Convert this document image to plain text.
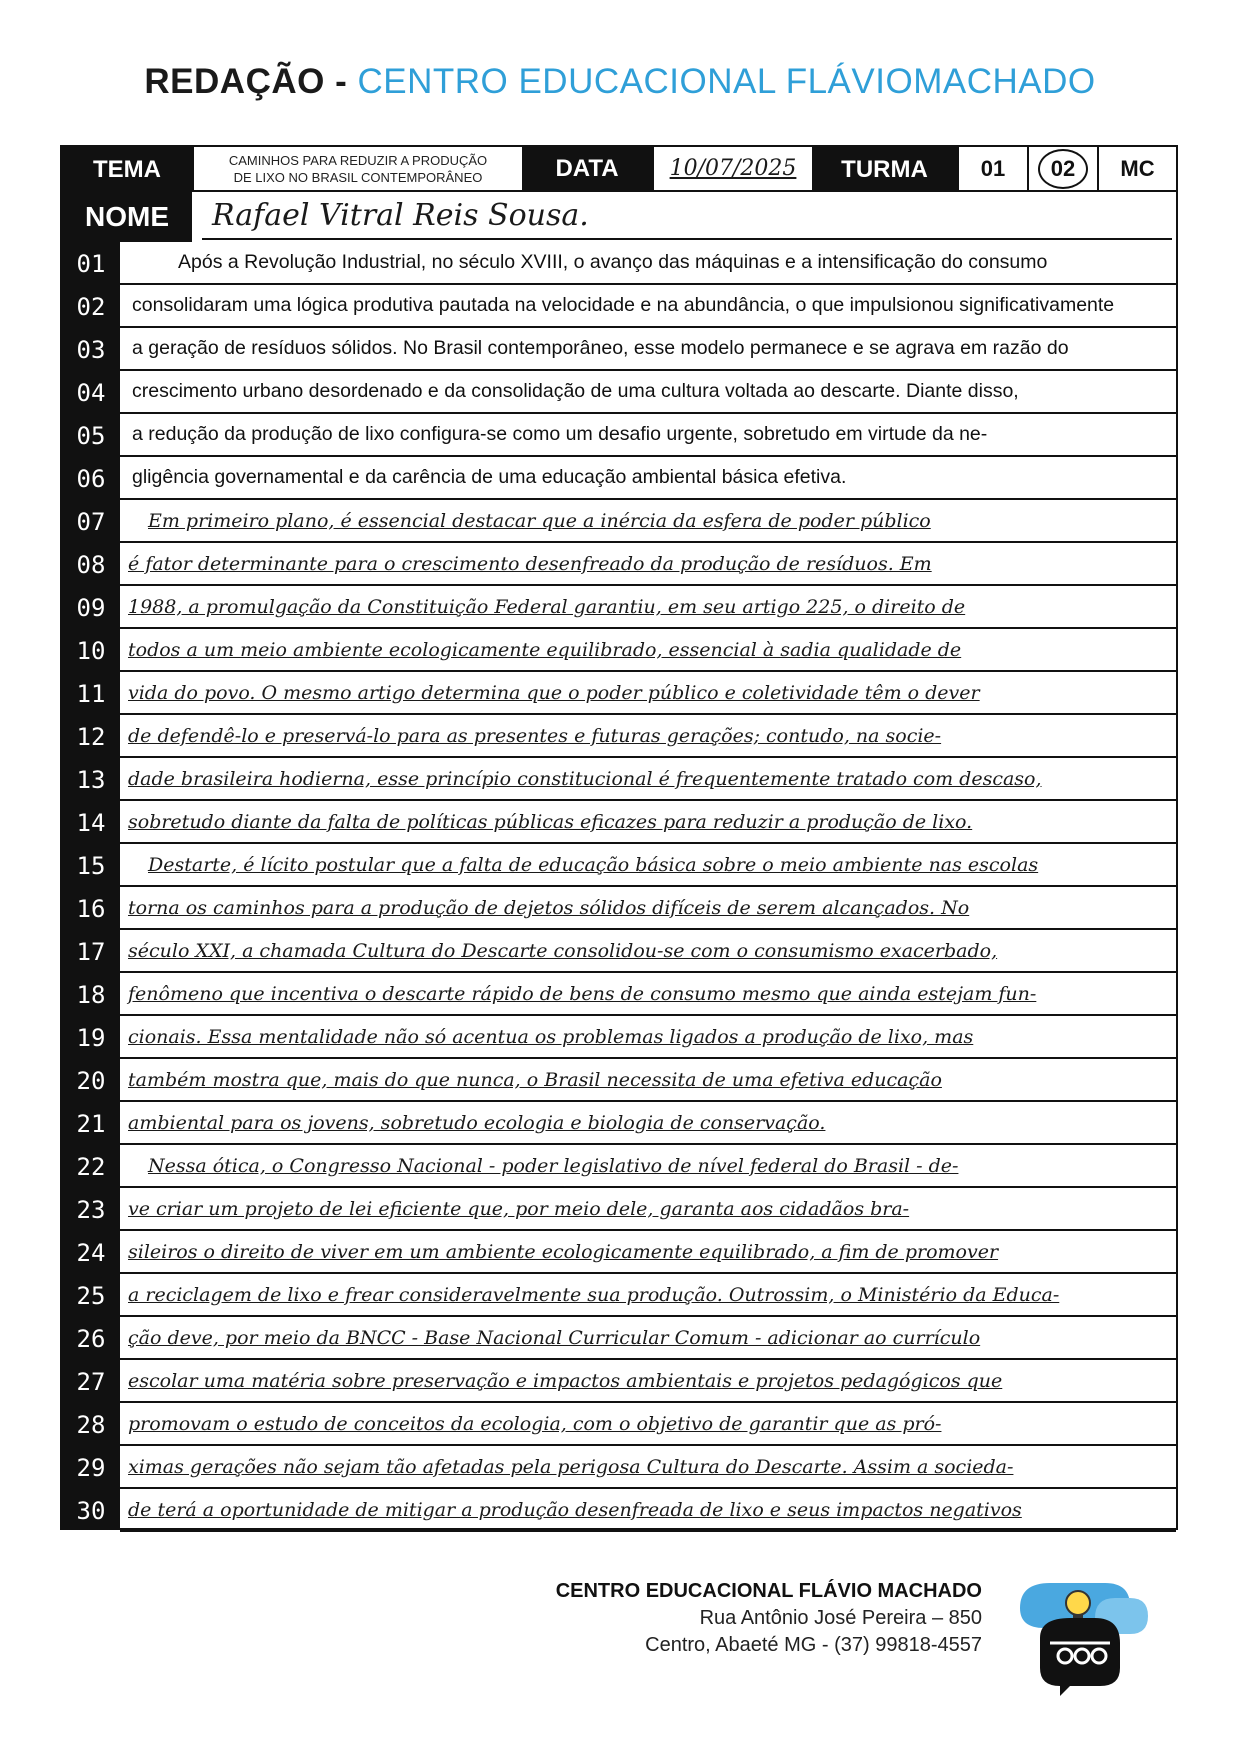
REDAÇÃO - CENTRO EDUCACIONAL FLÁVIOMACHADO
TEMA	CAMINHOS PARA REDUZIR A PRODUÇÃO
DE LIXO NO BRASIL CONTEMPORÂNEO	DATA	10/07/2025	TURMA	01 02 MC
NOME	Rafael Vitral Reis Sousa.
01	Após a Revolução Industrial, no século XVIII, o avanço das máquinas e a intensificação do consumo
02	consolidaram uma lógica produtiva pautada na velocidade e na abundância, o que impulsionou significativamente
03	a geração de resíduos sólidos. No Brasil contemporâneo, esse modelo permanece e se agrava em razão do
04	crescimento urbano desordenado e da consolidação de uma cultura voltada ao descarte. Diante disso,
05	a redução da produção de lixo configura-se como um desafio urgente, sobretudo em virtude da ne-
06	gligência governamental e da carência de uma educação ambiental básica efetiva.
07	Em primeiro plano, é essencial destacar que a inércia da esfera de poder público
08	é fator determinante para o crescimento desenfreado da produção de resíduos. Em
09	1988, a promulgação da Constituição Federal garantiu, em seu artigo 225, o direito de
10	todos a um meio ambiente ecologicamente equilibrado, essencial à sadia qualidade de
11	vida do povo. O mesmo artigo determina que o poder público e coletividade têm o dever
12	de defendê-lo e preservá-lo para as presentes e futuras gerações; contudo, na socie-
13	dade brasileira hodierna, esse princípio constitucional é frequentemente tratado com descaso,
14	sobretudo diante da falta de políticas públicas eficazes para reduzir a produção de lixo.
15	Destarte, é lícito postular que a falta de educação básica sobre o meio ambiente nas escolas
16	torna os caminhos para a produção de dejetos sólidos difíceis de serem alcançados. No
17	século XXI, a chamada Cultura do Descarte consolidou-se com o consumismo exacerbado,
18	fenômeno que incentiva o descarte rápido de bens de consumo mesmo que ainda estejam fun-
19	cionais. Essa mentalidade não só acentua os problemas ligados a produção de lixo, mas
20	também mostra que, mais do que nunca, o Brasil necessita de uma efetiva educação
21	ambiental para os jovens, sobretudo ecologia e biologia de conservação.
22	Nessa ótica, o Congresso Nacional - poder legislativo de nível federal do Brasil - de-
23	ve criar um projeto de lei eficiente que, por meio dele, garanta aos cidadãos bra-
24	sileiros o direito de viver em um ambiente ecologicamente equilibrado, a fim de promover
25	a reciclagem de lixo e frear consideravelmente sua produção. Outrossim, o Ministério da Educa-
26	ção deve, por meio da BNCC - Base Nacional Curricular Comum - adicionar ao currículo
27	escolar uma matéria sobre preservação e impactos ambientais e projetos pedagógicos que
28	promovam o estudo de conceitos da ecologia, com o objetivo de garantir que as pró-
29	ximas gerações não sejam tão afetadas pela perigosa Cultura do Descarte. Assim a socieda-
30	de terá a oportunidade de mitigar a produção desenfreada de lixo e seus impactos negativos
CENTRO EDUCACIONAL FLÁVIO MACHADO
Rua Antônio José Pereira – 850
Centro, Abaeté MG - (37) 99818-4557
